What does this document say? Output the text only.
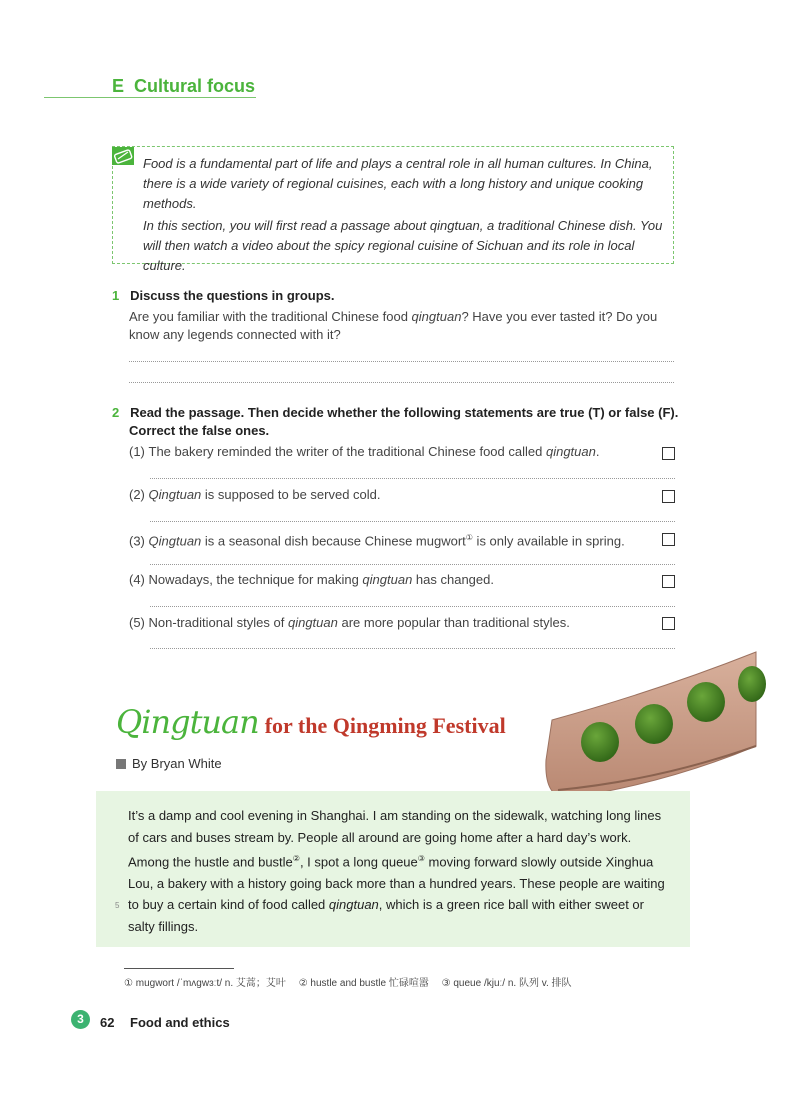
E Cultural focus

Food is a fundamental part of life and plays a central role in all human cultures. In China, there is a wide variety of regional cuisines, each with a long history and unique cooking methods.

In this section, you will first read a passage about qingtuan, a traditional Chinese dish. You will then watch a video about the spicy regional cuisine of Sichuan and its role in local culture.

1 Discuss the questions in groups.
Are you familiar with the traditional Chinese food qingtuan? Have you ever tasted it? Do you know any legends connected with it?
2 Read the passage. Then decide whether the following statements are true (T) or false (F).
Correct the false ones.
(1) The bakery reminded the writer of the traditional Chinese food called qingtuan.
(2) Qingtuan is supposed to be served cold.
(3) Qingtuan is a seasonal dish because Chinese mugwort① is only available in spring.
(4) Nowadays, the technique for making qingtuan has changed.
(5) Non-traditional styles of qingtuan are more popular than traditional styles.
Qingtuan for the Qingming Festival
By Bryan White

It’s a damp and cool evening in Shanghai. I am standing on the sidewalk, watching long lines of cars and buses stream by. People all around are going home after a hard day’s work. Among the hustle and bustle②, I spot a long queue③ moving forward slowly outside Xinghua Lou, a bakery with a history going back more than a hundred years. These people are waiting to buy a certain kind of food called qingtuan, which is a green rice ball with either sweet or salty fillings.

5
① mugwort /ˈmʌgwɜːt/ n. 艾蒿；艾叶 ② hustle and bustle 忙碌喧嚣 ③ queue /kjuː/ n. 队列 v. 排队
3	62 Food and ethics
